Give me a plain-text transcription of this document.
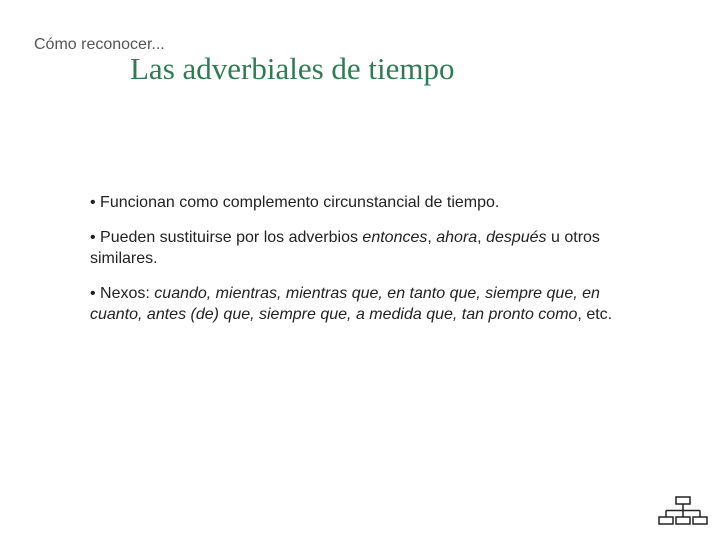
Cómo reconocer...
Las adverbiales de tiempo

• Funcionan como complemento circunstancial de tiempo.

• Pueden sustituirse por los adverbios entonces, ahora, después u otros similares.

• Nexos: cuando, mientras, mientras que, en tanto que, siempre que, en cuanto, antes (de) que, siempre que, a medida que, tan pronto como, etc.
